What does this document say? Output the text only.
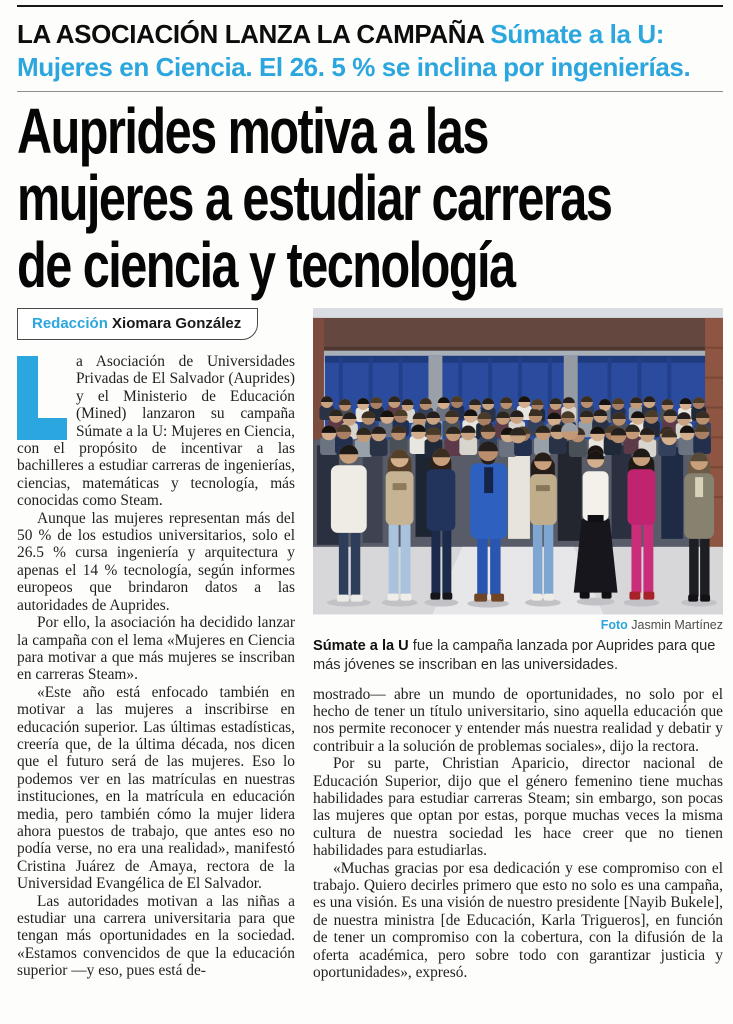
LA ASOCIACIÓN LANZA LA CAMPAÑA Súmate a la U:
Mujeres en Ciencia. El 26. 5 % se inclina por ingenierías.
Auprides motiva a las
mujeres a estudiar carreras
de ciencia y tecnología
Redacción Xiomara González

a Asociación de Universidades Privadas de El Salvador (Auprides) y el Ministerio de Educación (Mined) lanzaron su campaña Súmate a la U: Mujeres en Ciencia, con el propósito de incentivar a las bachilleres a estudiar carreras de ingenierías, ciencias, matemáticas y tecnología, más conocidas como Steam.

Aunque las mujeres representan más del 50 % de los estudios universitarios, solo el 26.5 % cursa ingeniería y arquitectura y apenas el 14 % tecnología, según informes europeos que brindaron datos a las autoridades de Auprides.

Por ello, la asociación ha decidido lanzar la campaña con el lema «Mujeres en Ciencia para motivar a que más mujeres se inscriban en carreras Steam».

«Este año está enfocado también en motivar a las mujeres a inscribirse en educación superior. Las últimas estadísticas, creería que, de la última década, nos dicen que el futuro será de las mujeres. Eso lo podemos ver en las matrículas en nuestras instituciones, en la matrícula en educación media, pero también cómo la mujer lidera ahora puestos de trabajo, que antes eso no podía verse, no era una realidad», manifestó Cristina Juárez de Amaya, rectora de la Universidad Evangélica de El Salvador.

Las autoridades motivan a las niñas a estudiar una carrera universitaria para que tengan más oportunidades en la sociedad. «Estamos convencidos de que la educación superior —y eso, pues está de-

Foto Jasmin Martínez
Súmate a la U fue la campaña lanzada por Auprides para que más jóvenes se inscriban en las universidades.

mostrado— abre un mundo de oportunidades, no solo por el hecho de tener un título universitario, sino aquella educación que nos permite reconocer y entender más nuestra realidad y debatir y contribuir a la solución de problemas sociales», dijo la rectora.

Por su parte, Christian Aparicio, director nacional de Educación Superior, dijo que el género femenino tiene muchas habilidades para estudiar carreras Steam; sin embargo, son pocas las mujeres que optan por estas, porque muchas veces la misma cultura de nuestra sociedad les hace creer que no tienen habilidades para estudiarlas.

«Muchas gracias por esa dedicación y ese compromiso con el trabajo. Quiero decirles primero que esto no solo es una campaña, es una visión. Es una visión de nuestro presidente [Nayib Bukele], de nuestra ministra [de Educación, Karla Trigueros], en función de tener un compromiso con la cobertura, con la difusión de la oferta académica, pero sobre todo con garantizar justicia y oportunidades», expresó.
